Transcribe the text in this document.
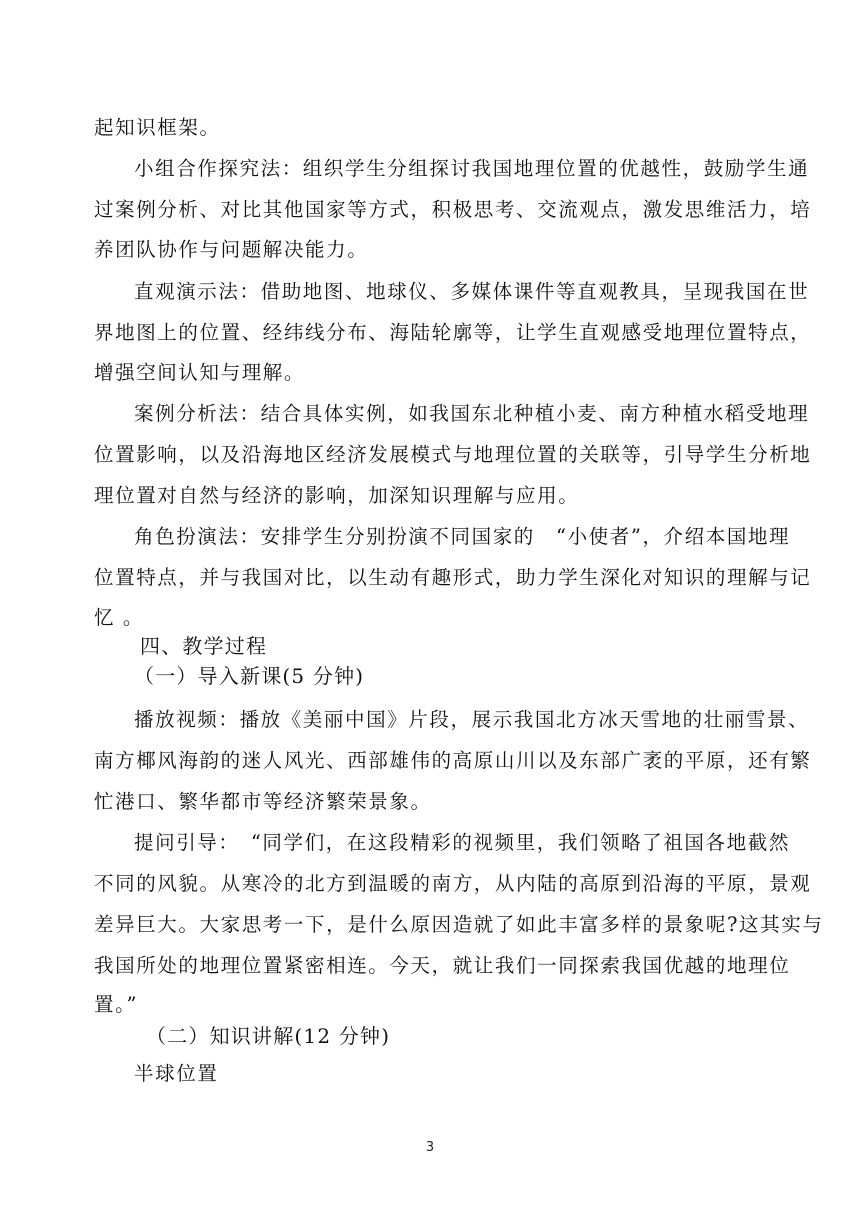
起知识框架。
小组合作探究法：组织学生分组探讨我国地理位置的优越性，鼓励学生通
过案例分析、对比其他国家等方式，积极思考、交流观点，激发思维活力，培
养团队协作与问题解决能力。
直观演示法：借助地图、地球仪、多媒体课件等直观教具，呈现我国在世
界地图上的位置、经纬线分布、海陆轮廓等，让学生直观感受地理位置特点，
增强空间认知与理解。
案例分析法：结合具体实例，如我国东北种植小麦、南方种植水稻受地理
位置影响，以及沿海地区经济发展模式与地理位置的关联等，引导学生分析地
理位置对自然与经济的影响，加深知识理解与应用。
角色扮演法：安排学生分别扮演不同国家的　“小使者”，介绍本国地理
位置特点，并与我国对比，以生动有趣形式，助力学生深化对知识的理解与记
忆 。
四、教学过程
（一）导入新课(5 分钟)
播放视频：播放《美丽中国》片段，展示我国北方冰天雪地的壮丽雪景、
南方椰风海韵的迷人风光、西部雄伟的高原山川以及东部广袤的平原，还有繁
忙港口、繁华都市等经济繁荣景象。
提问引导：　“同学们，在这段精彩的视频里，我们领略了祖国各地截然
不同的风貌。从寒冷的北方到温暖的南方，从内陆的高原到沿海的平原，景观
差异巨大。大家思考一下，是什么原因造就了如此丰富多样的景象呢?这其实与
我国所处的地理位置紧密相连。今天，就让我们一同探索我国优越的地理位
置。”
（二）知识讲解(12 分钟)
半球位置
3
